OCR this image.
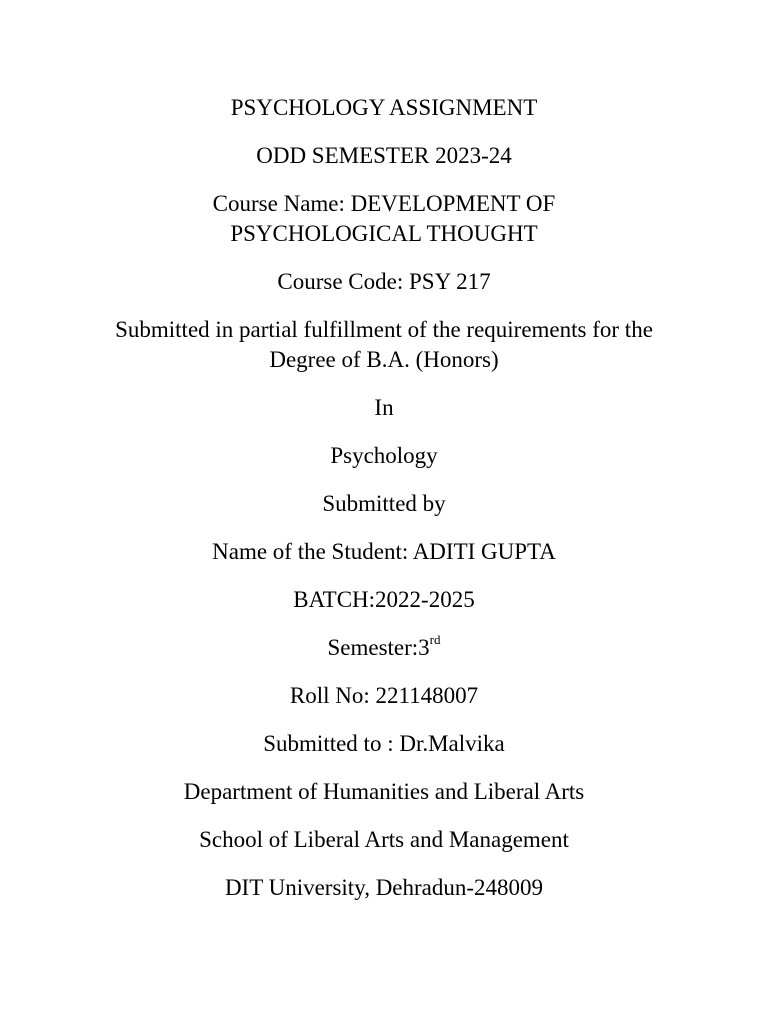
PSYCHOLOGY ASSIGNMENT

ODD SEMESTER 2023-24

Course Name: DEVELOPMENT OF
PSYCHOLOGICAL THOUGHT

Course Code: PSY 217

Submitted in partial fulfillment of the requirements for the
Degree of B.A. (Honors)

In

Psychology

Submitted by

Name of the Student: ADITI GUPTA

BATCH:2022-2025

Semester:3rd

Roll No: 221148007

Submitted to : Dr.Malvika

Department of Humanities and Liberal Arts

School of Liberal Arts and Management

DIT University, Dehradun-248009
